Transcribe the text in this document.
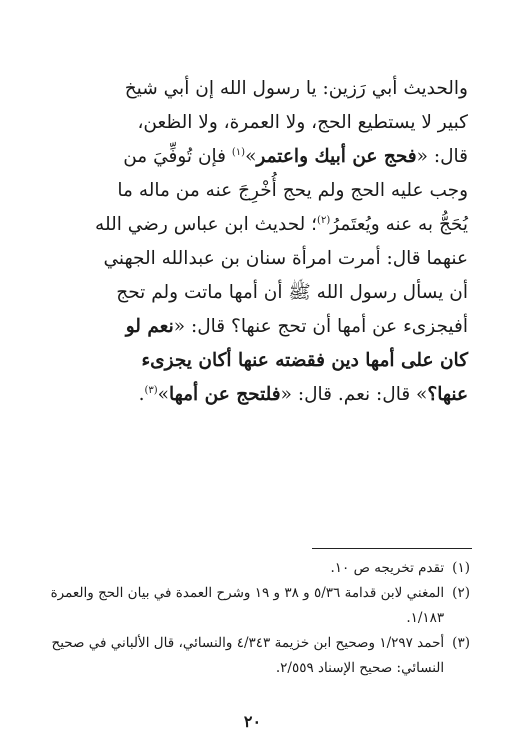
والحديث أبي رَزين: يا رسول الله إن أبي شيخ
كبير لا يستطيع الحج، ولا العمرة، ولا الظعن،
قال: «فحج عن أبيك واعتمر»$^{(١)}$ فإن تُوفِّيَ من
وجب عليه الحج ولم يحج أُخْرِجَ عنه من ماله ما
يُحَجُّ به عنه ويُعتَمرُ$^{(٢)}$؛ لحديث ابن عباس رضي الله
عنهما قال: أمرت امرأة سنان بن عبدالله الجهني
أن يسأل رسول الله ﷺ أن أمها ماتت ولم تحج
أفيجزىء عن أمها أن تحج عنها؟ قال: «نعم لو
كان على أمها دين فقضته عنها أكان يجزىء
عنها؟» قال: نعم. قال: «فلتحج عن أمها»$^{(٣)}$.
(١)
تقدم تخريجه ص ١٠.
(٢)
المغني لابن قدامة ٥/٣٦ و ٣٨ و ١٩ وشرح العمدة في بيان الحج والعمرة ١/١٨٣.
(٣)
أحمد ١/٢٩٧ وصحيح ابن خزيمة ٤/٣٤٣ والنسائي، قال الألباني في صحيح النسائي: صحيح الإسناد ٢/٥٥٩.
٢٠
